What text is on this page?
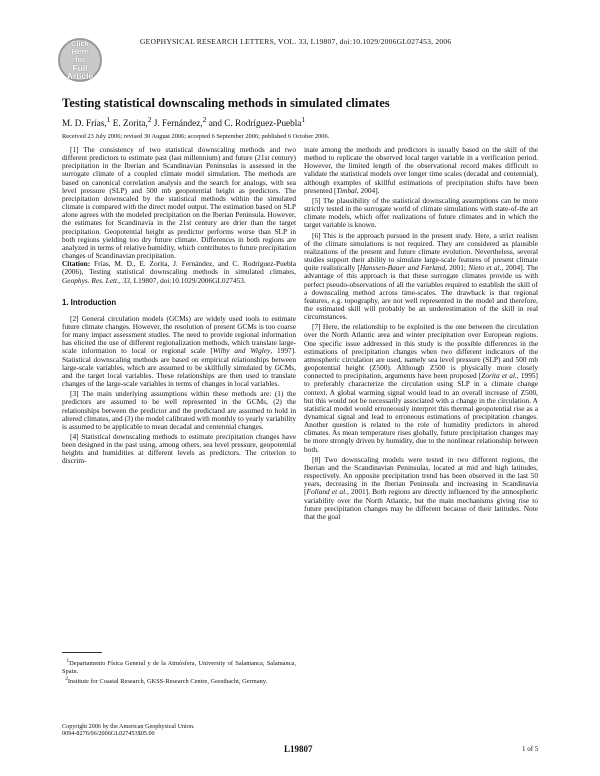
Click
Here
for
Full
Article
GEOPHYSICAL RESEARCH LETTERS, VOL. 33, L19807, doi:10.1029/2006GL027453, 2006
Testing statistical downscaling methods in simulated climates
M. D. Frías,$^1$ E. Zorita,$^2$ J. Fernández,$^2$ and C. Rodríguez-Puebla$^1$
Received 23 July 2006; revised 30 August 2006; accepted 6 September 2006; published 6 October 2006.

[1] The consistency of two statistical downscaling methods and two different predictors to estimate past (last millennium) and future (21st century) precipitation in the Iberian and Scandinavian Peninsulas is assessed in the surrogate climate of a coupled climate model simulation. The methods are based on canonical correlation analysis and the search for analogs, with sea level pressure (SLP) and 500 mb geopotential height as predictors. The precipitation downscaled by the statistical methods within the simulated climate is compared with the direct model output. The estimation based on SLP alone agrees with the modeled precipitation on the Iberian Peninsula. However, the estimates for Scandinavia in the 21st century are drier than the target precipitation. Geopotential height as predictor performs worse than SLP in both regions yielding too dry future climate. Differences in both regions are analyzed in terms of relative humidity, which contributes to future precipitation changes of Scandinavian precipitation.

Citation: Frías, M. D., E. Zorita, J. Fernández, and C. Rodríguez-Puebla (2006), Testing statistical downscaling methods in simulated climates, Geophys. Res. Lett., 33, L19807, doi:10.1029/2006GL027453.

1. Introduction

[2] General circulation models (GCMs) are widely used tools to estimate future climate changes. However, the resolution of present GCMs is too coarse for many impact assessment studies. The need to provide regional information has elicited the use of different regionalization methods, which translate large-scale information to local or regional scale [Wilby and Wigley, 1997]. Statistical downscaling methods are based on empirical relationships between large-scale variables, which are assumed to be skillfully simulated by GCMs, and the target local variables. These relationships are then used to translate changes of the large-scale variables in terms of changes in local variables.

[3] The main underlying assumptions within these methods are: (1) the predictors are assumed to be well represented in the GCMs, (2) the relationships between the predictor and the predictand are assumed to hold in altered climates, and (3) the model calibrated with monthly to yearly variability is assumed to be applicable to mean decadal and centennial changes.

[4] Statistical downscaling methods to estimate precipitation changes have been designed in the past using, among others, sea level pressure, geopotential heights and humidities at different levels as predictors. The criterion to discrim-

inate among the methods and predictors is usually based on the skill of the method to replicate the observed local target variable in a verification period. However, the limited length of the observational record makes difficult to validate the statistical models over longer time scales (decadal and centennial), although examples of skillful estimations of precipitation shifts have been presented [Timbal, 2004].

[5] The plausibility of the statistical downscaling assumptions can be more strictly tested in the surrogate world of climate simulations with state-of-the art climate models, which offer realizations of future climates and in which the target variable is known.

[6] This is the approach pursued in the present study. Here, a strict realism of the climate simulations is not required. They are considered as plausible realizations of the present and future climate evolution. Nevertheless, several studies support their ability to simulate large-scale features of present climate quite realistically [Hanssen-Bauer and Førland, 2001; Nieto et al., 2004]. The advantage of this approach is that these surrogate climates provide us with perfect pseudo-observations of all the variables required to establish the skill of a downscaling method across time-scales. The drawback is that regional features, e.g. topography, are not well represented in the model and therefore, the estimated skill will probably be an underestimation of the skill in real circumstances.

[7] Here, the relationship to be exploited is the one between the circulation over the North Atlantic area and winter precipitation over European regions. One specific issue addressed in this study is the possible differences in the estimations of precipitation changes when two different indicators of the atmospheric circulation are used, namely sea level pressure (SLP) and 500 mb geopotential height (Z500). Although Z500 is physically more closely connected to precipitation, arguments have been proposed [Zorita et al., 1995] to preferably characterize the circulation using SLP in a climate change context. A global warming signal would lead to an overall increase of Z500, but this would not be necessarily associated with a change in the circulation. A statistical model would erroneously interpret this thermal geopotential rise as a dynamical signal and lead to erroneous estimations of precipitation changes. Another question is related to the role of humidity predictors in altered climates. As mean temperature rises globally, future precipitation changes may be more strongly driven by humidity, due to the nonlinear relationship between both.

[8] Two downscaling models were tested in two different regions, the Iberian and the Scandinavian Peninsulas, located at mid and high latitudes, respectively. An opposite precipitation trend has been observed in the last 50 years, decreasing in the Iberian Peninsula and increasing in Scandinavia [Folland et al., 2001]. Both regions are directly influenced by the atmospheric variability over the North Atlantic, but the main mechanisms giving rise to future precipitation changes may be different because of their latitudes. Note that the goal

$^1$Departamento Física General y de la Atmósfera, University of Salamanca, Salamanca, Spain.
$^2$Institute for Coastal Research, GKSS-Research Centre, Geesthacht, Germany.
Copyright 2006 by the American Geophysical Union.
0094-8276/06/2006GL027453$05.00
L19807	1 of 5
